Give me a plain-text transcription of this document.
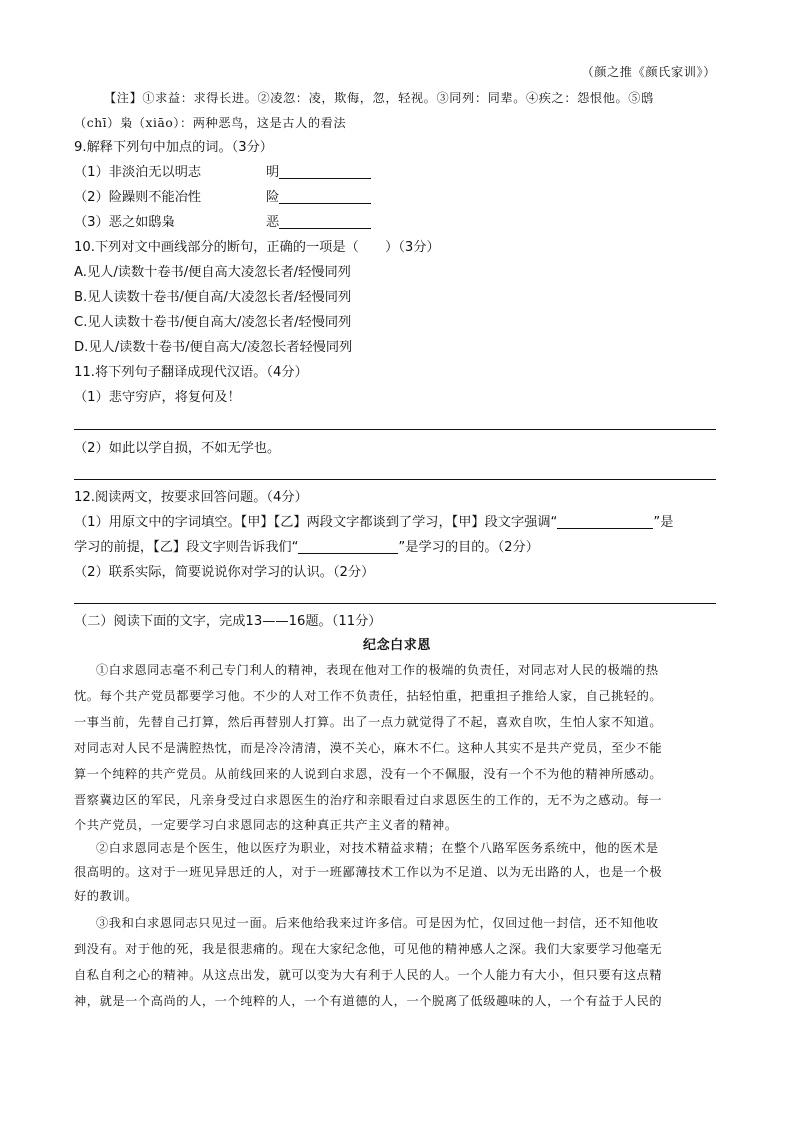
（颜之推《颜氏家训》）
【注】①求益：求得长进。②凌忽：凌，欺侮，忽，轻视。③同列：同辈。④疾之：怨恨他。⑤鸱
（chī）枭（xiāo）：两种恶鸟，这是古人的看法
9.解释下列句中加点的词。（3分）
（1）非淡泊无以明志	明
（2）险躁则不能冶性	险
（3）恶之如鸱枭	恶
10.下列对文中画线部分的断句，正确的一项是（　　）（3分）
A.见人/读数十卷书/便自高大凌忽长者/轻慢同列
B.见人读数十卷书/便自高/大凌忽长者/轻慢同列
C.见人读数十卷书/便自高大/凌忽长者/轻慢同列
D.见人/读数十卷书/便自高大/凌忽长者轻慢同列
11.将下列句子翻译成现代汉语。（4分）
（1）悲守穷庐，将复何及！
（2）如此以学自损，不如无学也。
12.阅读两文，按要求回答问题。（4分）
（1）用原文中的字词填空。【甲】【乙】两段文字都谈到了学习，【甲】段文字强调“	”是
学习的前提，【乙】段文字则告诉我们“	”是学习的目的。（2分）
（2）联系实际，简要说说你对学习的认识。（2分）
（二）阅读下面的文字，完成13——16题。（11分）
纪念白求恩
①白求恩同志毫不利己专门利人的精神，表现在他对工作的极端的负责任，对同志对人民的极端的热
忱。每个共产党员都要学习他。不少的人对工作不负责任，拈轻怕重，把重担子推给人家，自己挑轻的。
一事当前，先替自己打算，然后再替别人打算。出了一点力就觉得了不起，喜欢自吹，生怕人家不知道。
对同志对人民不是满腔热忱，而是冷冷清清，漠不关心，麻木不仁。这种人其实不是共产党员，至少不能
算一个纯粹的共产党员。从前线回来的人说到白求恩，没有一个不佩服，没有一个不为他的精神所感动。
晋察冀边区的军民，凡亲身受过白求恩医生的治疗和亲眼看过白求恩医生的工作的，无不为之感动。每一
个共产党员，一定要学习白求恩同志的这种真正共产主义者的精神。
②白求恩同志是个医生，他以医疗为职业，对技术精益求精；在整个八路军医务系统中，他的医术是
很高明的。这对于一班见异思迁的人，对于一班鄙薄技术工作以为不足道、以为无出路的人，也是一个极
好的教训。
③我和白求恩同志只见过一面。后来他给我来过许多信。可是因为忙，仅回过他一封信，还不知他收
到没有。对于他的死，我是很悲痛的。现在大家纪念他，可见他的精神感人之深。我们大家要学习他毫无
自私自利之心的精神。从这点出发，就可以变为大有利于人民的人。一个人能力有大小，但只要有这点精
神，就是一个高尚的人，一个纯粹的人，一个有道德的人，一个脱离了低级趣味的人，一个有益于人民的
